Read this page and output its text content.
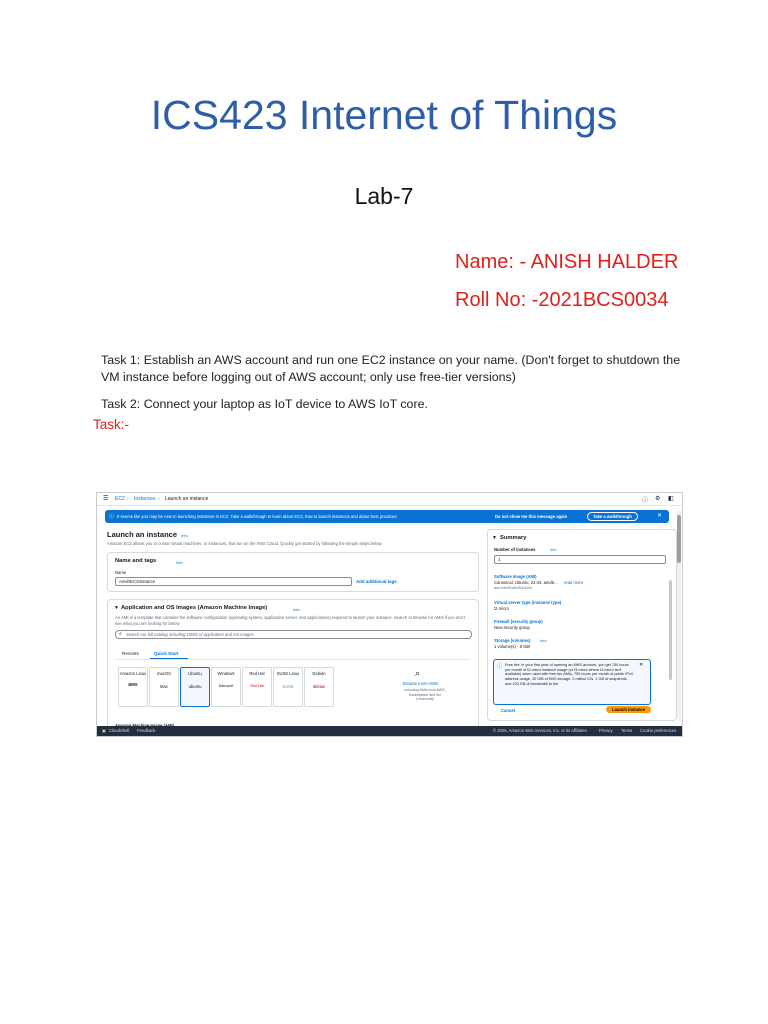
ICS423 Internet of Things
Lab-7
Name: - ANISH HALDER
Roll No: -2021BCS0034
Task 1: Establish an AWS account and run one EC2 instance on your name. (Don't forget to shutdown the VM instance before logging out of AWS account; only use free-tier versions)
Task 2: Connect your laptop as IoT device to AWS IoT core.
Task:-
☰ EC2 › Instances › Launch an instance	ⓘ ⚙ ◧
ⓘ It seems like you may be new to launching instances in EC2. Take a walkthrough to learn about EC2, how to launch instances and about best practices.	Do not show me this message again	Take a walkthrough	✕
Launch an instance Info
Amazon EC2 allows you to create virtual machines, or instances, that run on the AWS Cloud. Quickly get started by following the simple steps below.
Name and tags	Info
Name
AnishEC2Instance	Add additional tags
▼ Application and OS Images (Amazon Machine Image)	Info
An AMI is a template that contains the software configuration (operating system, application server, and applications) required to launch your instance. Search or Browse for AMIs if you don't see what you are looking for below
⌕ Search our full catalog including 1000s of application and OS images
Recents	Quick Start
Amazon Linux
aws
macOS
Mac
Ubuntu
ubuntu
Windows
Microsoft
Red Hat
Red Hat
SUSE Linux
SUSE
Debian
debian
⌕
Browse more AMIs
Including AMIs from AWS, Marketplace and the Community
▼ Summary
Number of instances	Info
1
Software Image (AMI)
Canonical, Ubuntu, 24.04, amd6... read more
ami-04b4f1a9cf54c11d0
Virtual server type (instance type)
t2.micro
Firewall (security group)
New security group
Storage (volumes) Info
1 volume(s) - 8 GiB
Cancel	Launch instance
ⓘ Free tier: In your first year of opening an AWS account, you get 750 hours per month of t2.micro instance usage (or t3.micro where t2.micro isn't available) when used with free tier AMIs, 750 hours per month of public IPv4 address usage, 30 GiB of EBS storage, 2 million IOs, 1 GB of snapshots, and 100 GB of bandwidth to the
✕
▣ CloudShell Feedback	© 2025, Amazon Web Services, Inc. or its affiliates.	Privacy Terms Cookie preferences
